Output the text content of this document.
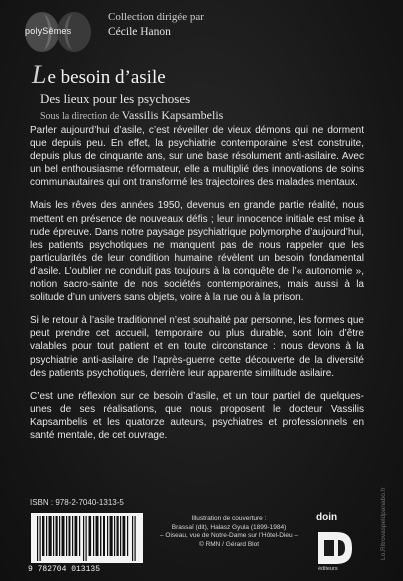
polySêmes
Collection dirigée par
Cécile Hanon
Le besoin d’asile
Des lieux pour les psychoses
Sous la direction de Vassilis Kapsambelis

Parler aujourd’hui d’asile, c’est réveiller de vieux démons qui ne dorment que depuis peu. En effet, la psychiatrie contemporaine s’est construite, depuis plus de cinquante ans, sur une base résolument anti-asilaire. Avec un bel enthousiasme réformateur, elle a multiplié des innovations de soins communautaires qui ont transformé les trajectoires des malades mentaux.

Mais les rêves des années 1950, devenus en grande partie réalité, nous mettent en présence de nouveaux défis ; leur innocence initiale est mise à rude épreuve. Dans notre paysage psychiatrique polymorphe d’aujourd’hui, les patients psychotiques ne manquent pas de nous rappeler que les particularités de leur condition humaine révèlent un besoin fondamental d’asile. L’oublier ne conduit pas toujours à la conquête de l’« autonomie », notion sacro-sainte de nos sociétés contemporaines, mais aussi à la solitude d’un univers sans objets, voire à la rue ou à la prison.

Si le retour à l’asile traditionnel n’est souhaité par personne, les formes que peut prendre cet accueil, temporaire ou plus durable, sont loin d’être valables pour tout patient et en toute circonstance : nous devons à la psychiatrie anti-asilaire de l’après-guerre cette découverte de la diversité des patients psychotiques, derrière leur apparente similitude asilaire.

C’est une réflexion sur ce besoin d’asile, et un tour partiel de quelques-unes de ses réalisations, que nous proposent le docteur Vassilis Kapsambelis et les quatorze auteurs, psychiatres et professionnels en santé mentale, de cet ouvrage.

ISBN : 978-2-7040-1313-5
9 782704 013135
Illustration de couverture :
Brassaï (dit), Halasz Gyula (1899-1984)
– Oiseau, vue de Notre-Dame sur l’Hôtel-Dieu –
© RMN / Gérard Blot
doin
éditeurs
Lo.Ritrovaspeldpanabo.fr
